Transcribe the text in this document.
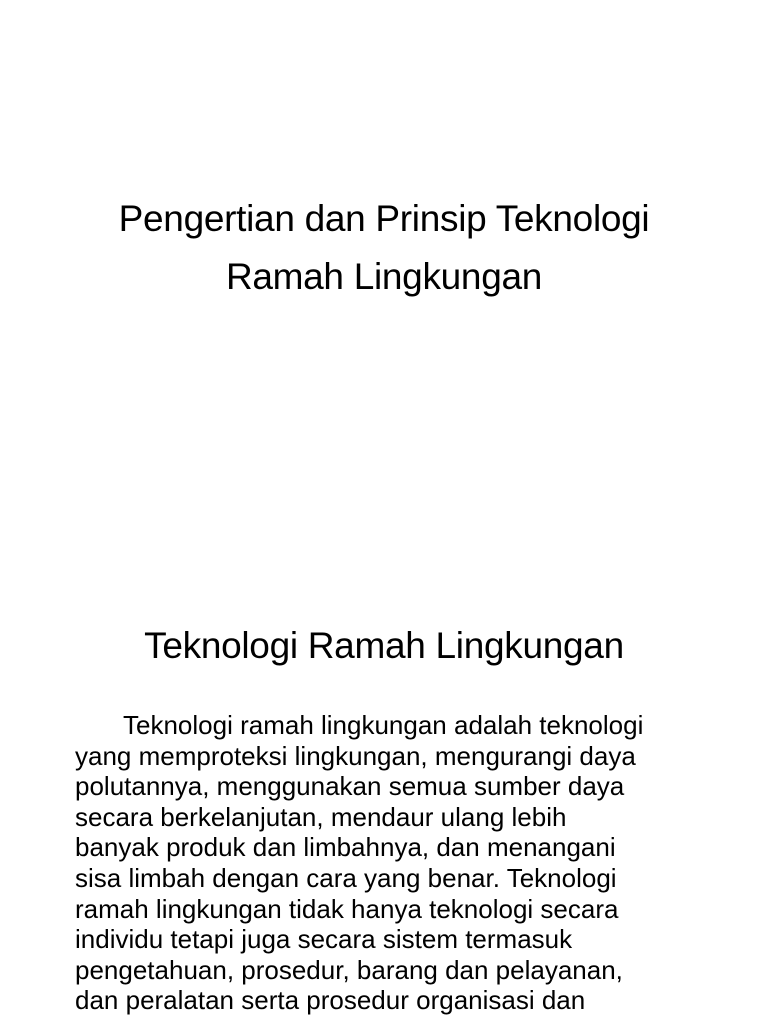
Pengertian dan Prinsip Teknologi
Ramah Lingkungan
Teknologi Ramah Lingkungan

Teknologi ramah lingkungan adalah teknologi
yang memproteksi lingkungan, mengurangi daya
polutannya, menggunakan semua sumber daya
secara berkelanjutan, mendaur ulang lebih
banyak produk dan limbahnya, dan menangani
sisa limbah dengan cara yang benar. Teknologi
ramah lingkungan tidak hanya teknologi secara
individu tetapi juga secara sistem termasuk
pengetahuan, prosedur, barang dan pelayanan,
dan peralatan serta prosedur organisasi dan
